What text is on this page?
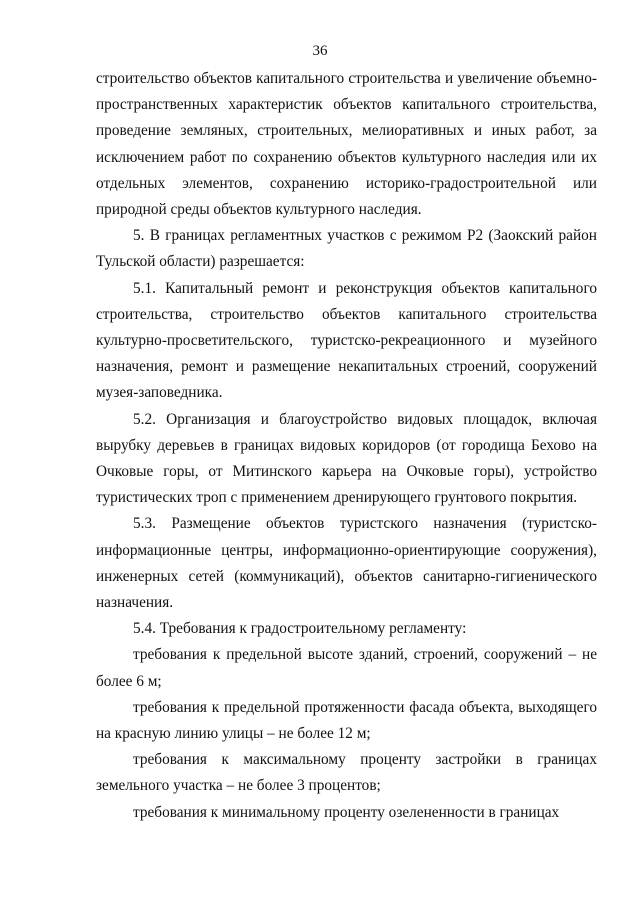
36

строительство объектов капитального строительства и увеличение объемно-пространственных характеристик объектов капитального строительства, проведение земляных, строительных, мелиоративных и иных работ, за исключением работ по сохранению объектов культурного наследия или их отдельных элементов, сохранению историко-градостроительной или природной среды объектов культурного наследия.

5. В границах регламентных участков с режимом Р2 (Заокский район Тульской области) разрешается:

5.1. Капитальный ремонт и реконструкция объектов капитального строительства, строительство объектов капитального строительства культурно-просветительского, туристско-рекреационного и музейного назначения, ремонт и размещение некапитальных строений, сооружений музея-заповедника.

5.2. Организация и благоустройство видовых площадок, включая вырубку деревьев в границах видовых коридоров (от городища Бехово на Очковые горы, от Митинского карьера на Очковые горы), устройство туристических троп с применением дренирующего грунтового покрытия.

5.3. Размещение объектов туристского назначения (туристско-информационные центры, информационно-ориентирующие сооружения), инженерных сетей (коммуникаций), объектов санитарно-гигиенического назначения.

5.4. Требования к градостроительному регламенту:

требования к предельной высоте зданий, строений, сооружений – не более 6 м;

требования к предельной протяженности фасада объекта, выходящего на красную линию улицы – не более 12 м;

требования к максимальному проценту застройки в границах земельного участка – не более 3 процентов;

требования к минимальному проценту озелененности в границах
